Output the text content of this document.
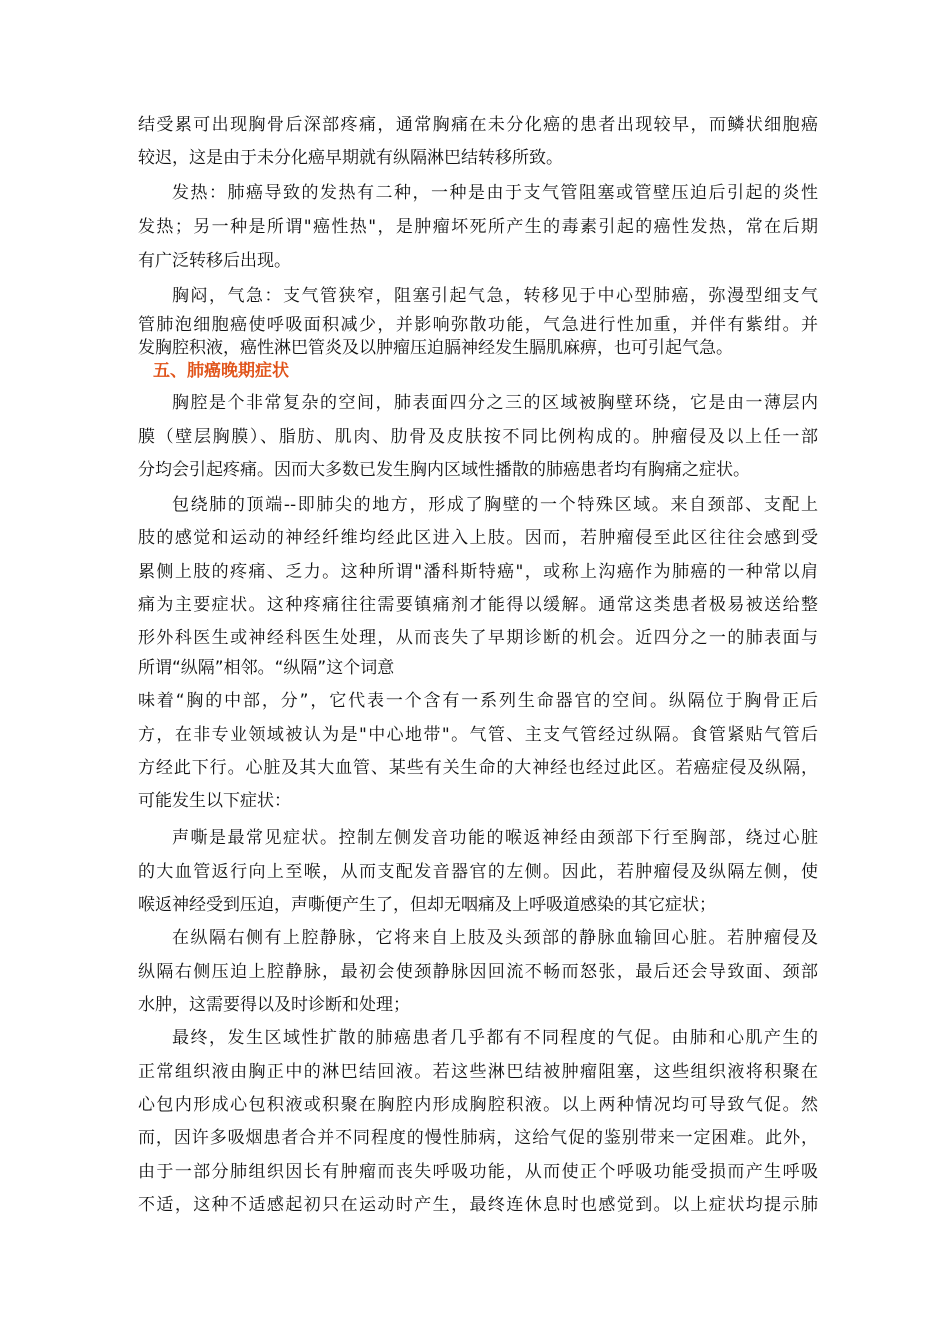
结受累可出现胸骨后深部疼痛，通常胸痛在未分化癌的患者出现较早，而鳞状细胞癌
较迟，这是由于未分化癌早期就有纵隔淋巴结转移所致。
发热：肺癌导致的发热有二种，一种是由于支气管阻塞或管壁压迫后引起的炎性
发热；另一种是所谓"癌性热"，是肿瘤坏死所产生的毒素引起的癌性发热，常在后期
有广泛转移后出现。
胸闷，气急：支气管狭窄，阻塞引起气急，转移见于中心型肺癌，弥漫型细支气
管肺泡细胞癌使呼吸面积减少，并影响弥散功能，气急进行性加重，并伴有紫绀。并
发胸腔积液，癌性淋巴管炎及以肿瘤压迫膈神经发生膈肌麻痹，也可引起气急。
五、肺癌晚期症状
胸腔是个非常复杂的空间，肺表面四分之三的区域被胸壁环绕，它是由一薄层内
膜（壁层胸膜）、脂肪、肌肉、肋骨及皮肤按不同比例构成的。肿瘤侵及以上任一部
分均会引起疼痛。因而大多数已发生胸内区域性播散的肺癌患者均有胸痛之症状。
包绕肺的顶端--即肺尖的地方，形成了胸壁的一个特殊区域。来自颈部、支配上
肢的感觉和运动的神经纤维均经此区进入上肢。因而，若肿瘤侵至此区往往会感到受
累侧上肢的疼痛、乏力。这种所谓"潘科斯特癌"，或称上沟癌作为肺癌的一种常以肩
痛为主要症状。这种疼痛往往需要镇痛剂才能得以缓解。通常这类患者极易被送给整
形外科医生或神经科医生处理，从而丧失了早期诊断的机会。近四分之一的肺表面与
所谓“纵隔”相邻。“纵隔”这个词意
味着“胸的中部，分”，它代表一个含有一系列生命器官的空间。纵隔位于胸骨正后
方，在非专业领域被认为是"中心地带"。气管、主支气管经过纵隔。食管紧贴气管后
方经此下行。心脏及其大血管、某些有关生命的大神经也经过此区。若癌症侵及纵隔，
可能发生以下症状：
声嘶是最常见症状。控制左侧发音功能的喉返神经由颈部下行至胸部，绕过心脏
的大血管返行向上至喉，从而支配发音器官的左侧。因此，若肿瘤侵及纵隔左侧，使
喉返神经受到压迫，声嘶便产生了，但却无咽痛及上呼吸道感染的其它症状；
在纵隔右侧有上腔静脉，它将来自上肢及头颈部的静脉血输回心脏。若肿瘤侵及
纵隔右侧压迫上腔静脉，最初会使颈静脉因回流不畅而怒张，最后还会导致面、颈部
水肿，这需要得以及时诊断和处理；
最终，发生区域性扩散的肺癌患者几乎都有不同程度的气促。由肺和心肌产生的
正常组织液由胸正中的淋巴结回液。若这些淋巴结被肿瘤阻塞，这些组织液将积聚在
心包内形成心包积液或积聚在胸腔内形成胸腔积液。以上两种情况均可导致气促。然
而，因许多吸烟患者合并不同程度的慢性肺病，这给气促的鉴别带来一定困难。此外，
由于一部分肺组织因长有肿瘤而丧失呼吸功能，从而使正个呼吸功能受损而产生呼吸
不适，这种不适感起初只在运动时产生，最终连休息时也感觉到。以上症状均提示肺
